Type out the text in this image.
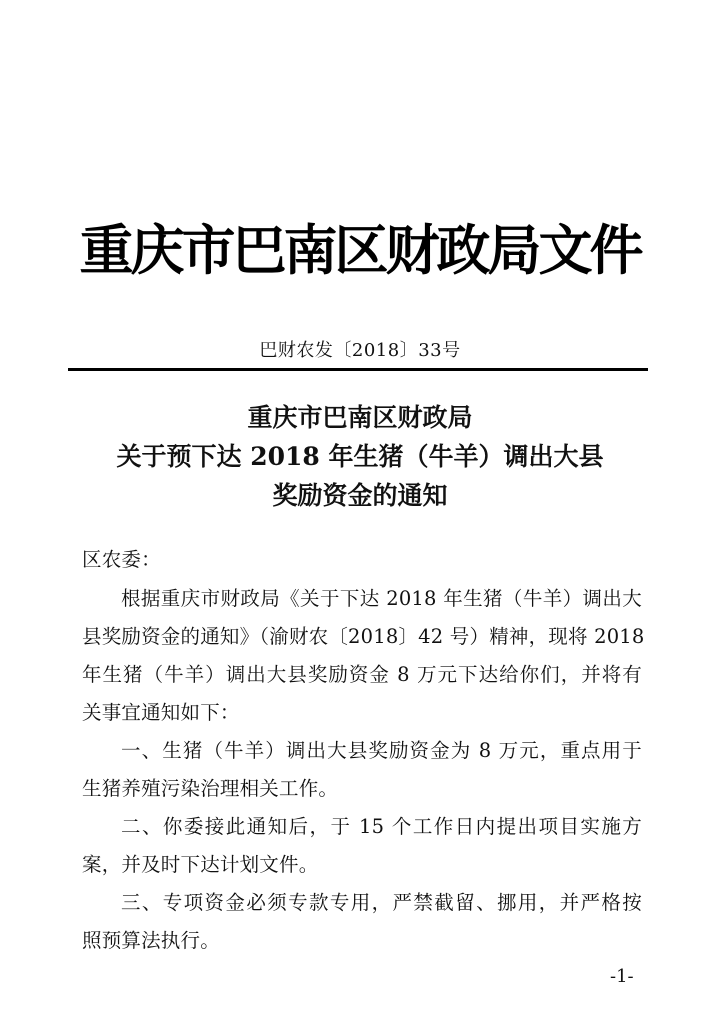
重庆市巴南区财政局文件
巴财农发〔2018〕33号
重庆市巴南区财政局
关于预下达 2018 年生猪（牛羊）调出大县
奖励资金的通知
区农委：
根据重庆市财政局《关于下达 2018 年生猪（牛羊）调出大
县奖励资金的通知》（渝财农〔2018〕42 号）精神，现将 2018
年生猪（牛羊）调出大县奖励资金 8 万元下达给你们，并将有
关事宜通知如下：
一、生猪（牛羊）调出大县奖励资金为 8 万元，重点用于
生猪养殖污染治理相关工作。
二、你委接此通知后，于 15 个工作日内提出项目实施方
案，并及时下达计划文件。
三、专项资金必须专款专用，严禁截留、挪用，并严格按
照预算法执行。
-1-
